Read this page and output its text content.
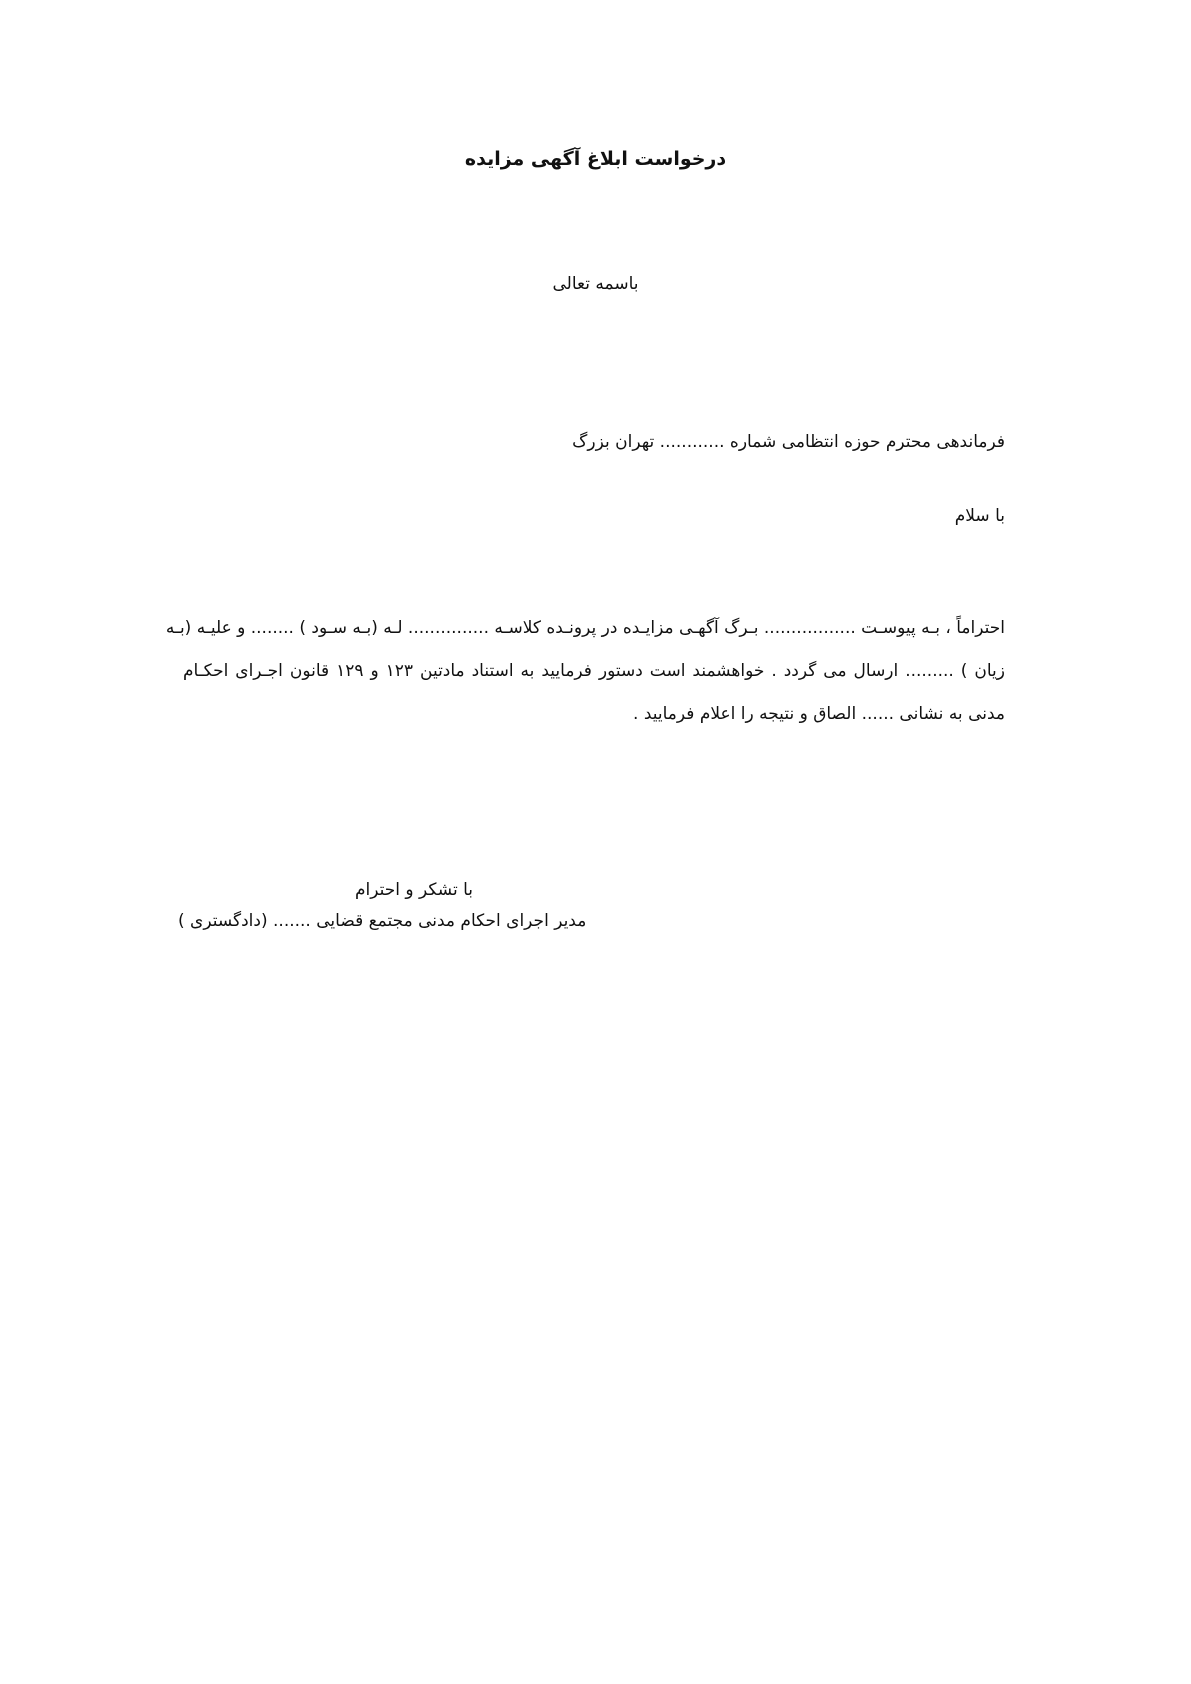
درخواست ابلاغ آگهی مزایده
باسمه تعالی
فرماندهی محترم حوزه انتظامی شماره ............ تهران بزرگ
با سلام
احتراماً ، بـه پیوسـت ................. بـرگ آگهـی مزایـده در پرونـده کلاسـه ............... لـه (بـه سـود ) ........ و علیـه (بـه
زیان ) ......... ارسال می گردد . خواهشمند است دستور فرمایید به استناد مادتین ۱۲۳ و ۱۲۹ قانون اجـرای احکـام
مدنی به نشانی ...... الصاق و نتیجه را اعلام فرمایید .
با تشکر و احترام
مدیر اجرای احکام مدنی مجتمع قضایی ....... (دادگستری )
